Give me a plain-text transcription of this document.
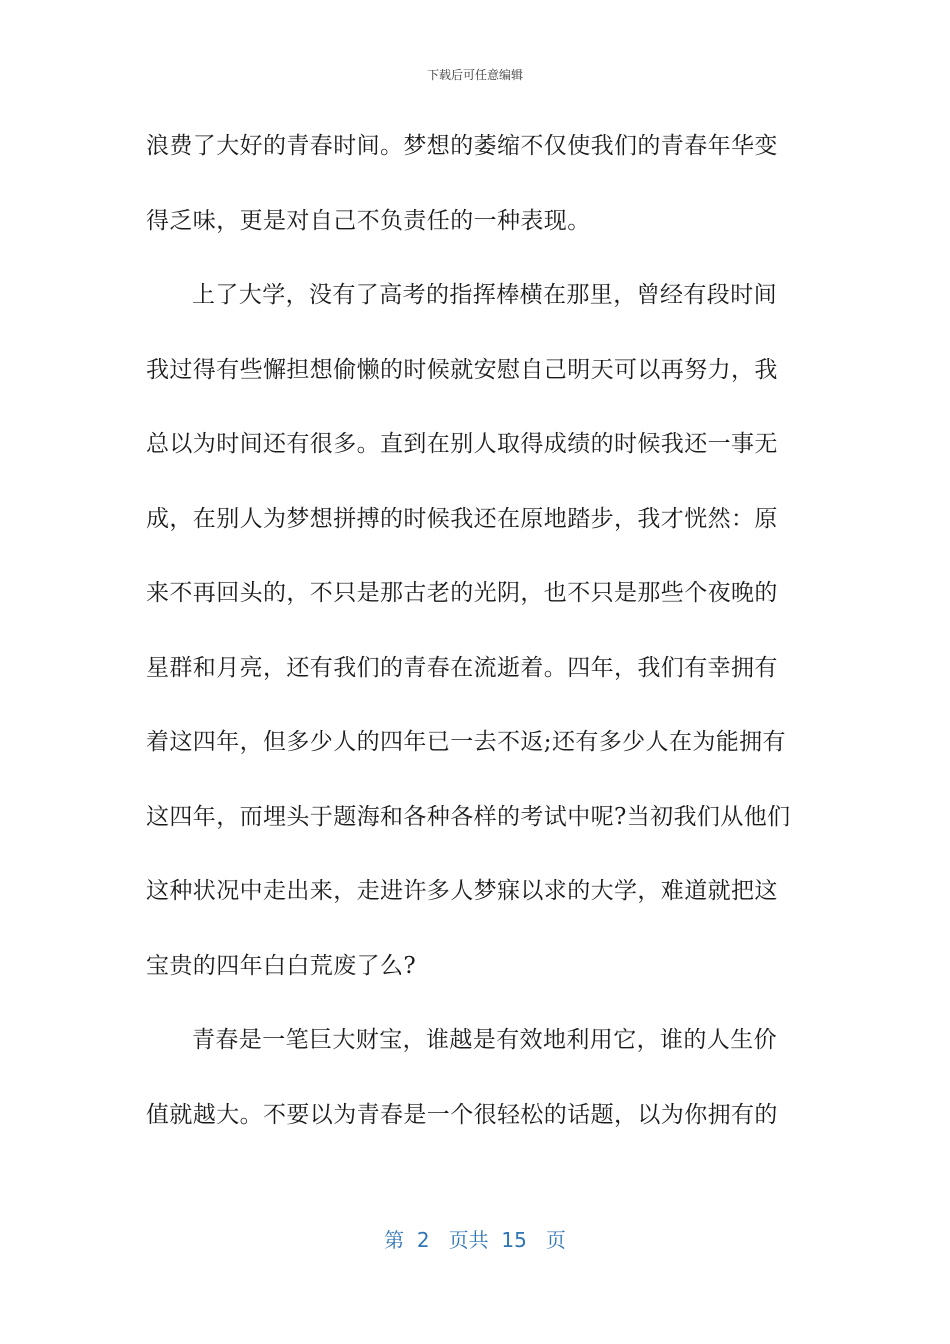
下载后可任意编辑
浪费了大好的青春时间。梦想的萎缩不仅使我们的青春年华变
得乏味，更是对自己不负责任的一种表现。
上了大学，没有了高考的指挥棒横在那里，曾经有段时间
我过得有些懈担想偷懒的时候就安慰自己明天可以再努力，我
总以为时间还有很多。直到在别人取得成绩的时候我还一事无
成，在别人为梦想拼搏的时候我还在原地踏步，我才恍然：原
来不再回头的，不只是那古老的光阴，也不只是那些个夜晚的
星群和月亮，还有我们的青春在流逝着。四年，我们有幸拥有
着这四年，但多少人的四年已一去不返;还有多少人在为能拥有
这四年，而埋头于题海和各种各样的考试中呢?当初我们从他们
这种状况中走出来，走进许多人梦寐以求的大学，难道就把这
宝贵的四年白白荒废了么?
青春是一笔巨大财宝，谁越是有效地利用它，谁的人生价
值就越大。不要以为青春是一个很轻松的话题，以为你拥有的
第 2 页共 15 页
